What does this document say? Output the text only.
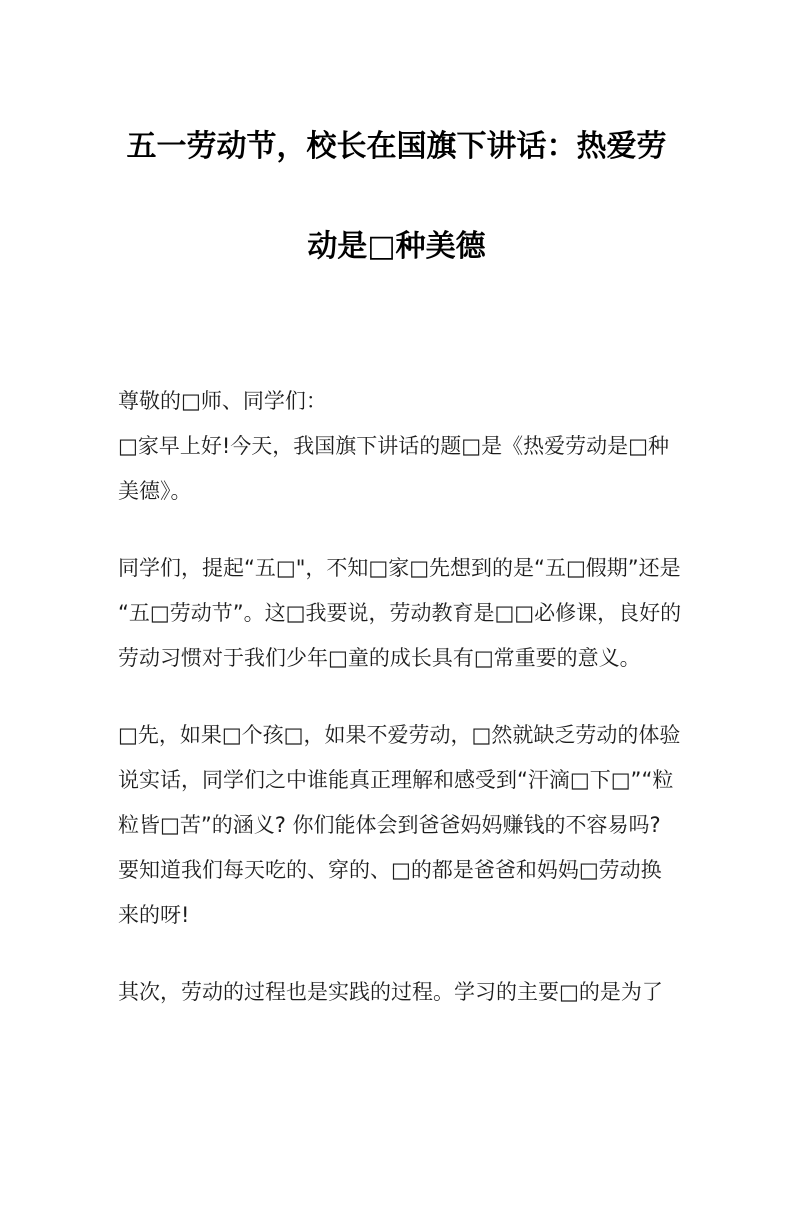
五一劳动节，校长在国旗下讲话：热爱劳
动是□种美德
尊敬的□师、同学们：
□家早上好!今天，我国旗下讲话的题□是《热爱劳动是□种
美德》。
同学们，提起“五□"，不知□家□先想到的是“五□假期”还是
“五□劳动节”。这□我要说，劳动教育是□□必修课，良好的
劳动习惯对于我们少年□童的成长具有□常重要的意义。
□先，如果□个孩□，如果不爱劳动，□然就缺乏劳动的体验
说实话，同学们之中谁能真正理解和感受到“汗滴□下□”“粒
粒皆□苦”的涵义? 你们能体会到爸爸妈妈赚钱的不容易吗?
要知道我们每天吃的、穿的、□的都是爸爸和妈妈□劳动换
来的呀!
其次，劳动的过程也是实践的过程。学习的主要□的是为了
